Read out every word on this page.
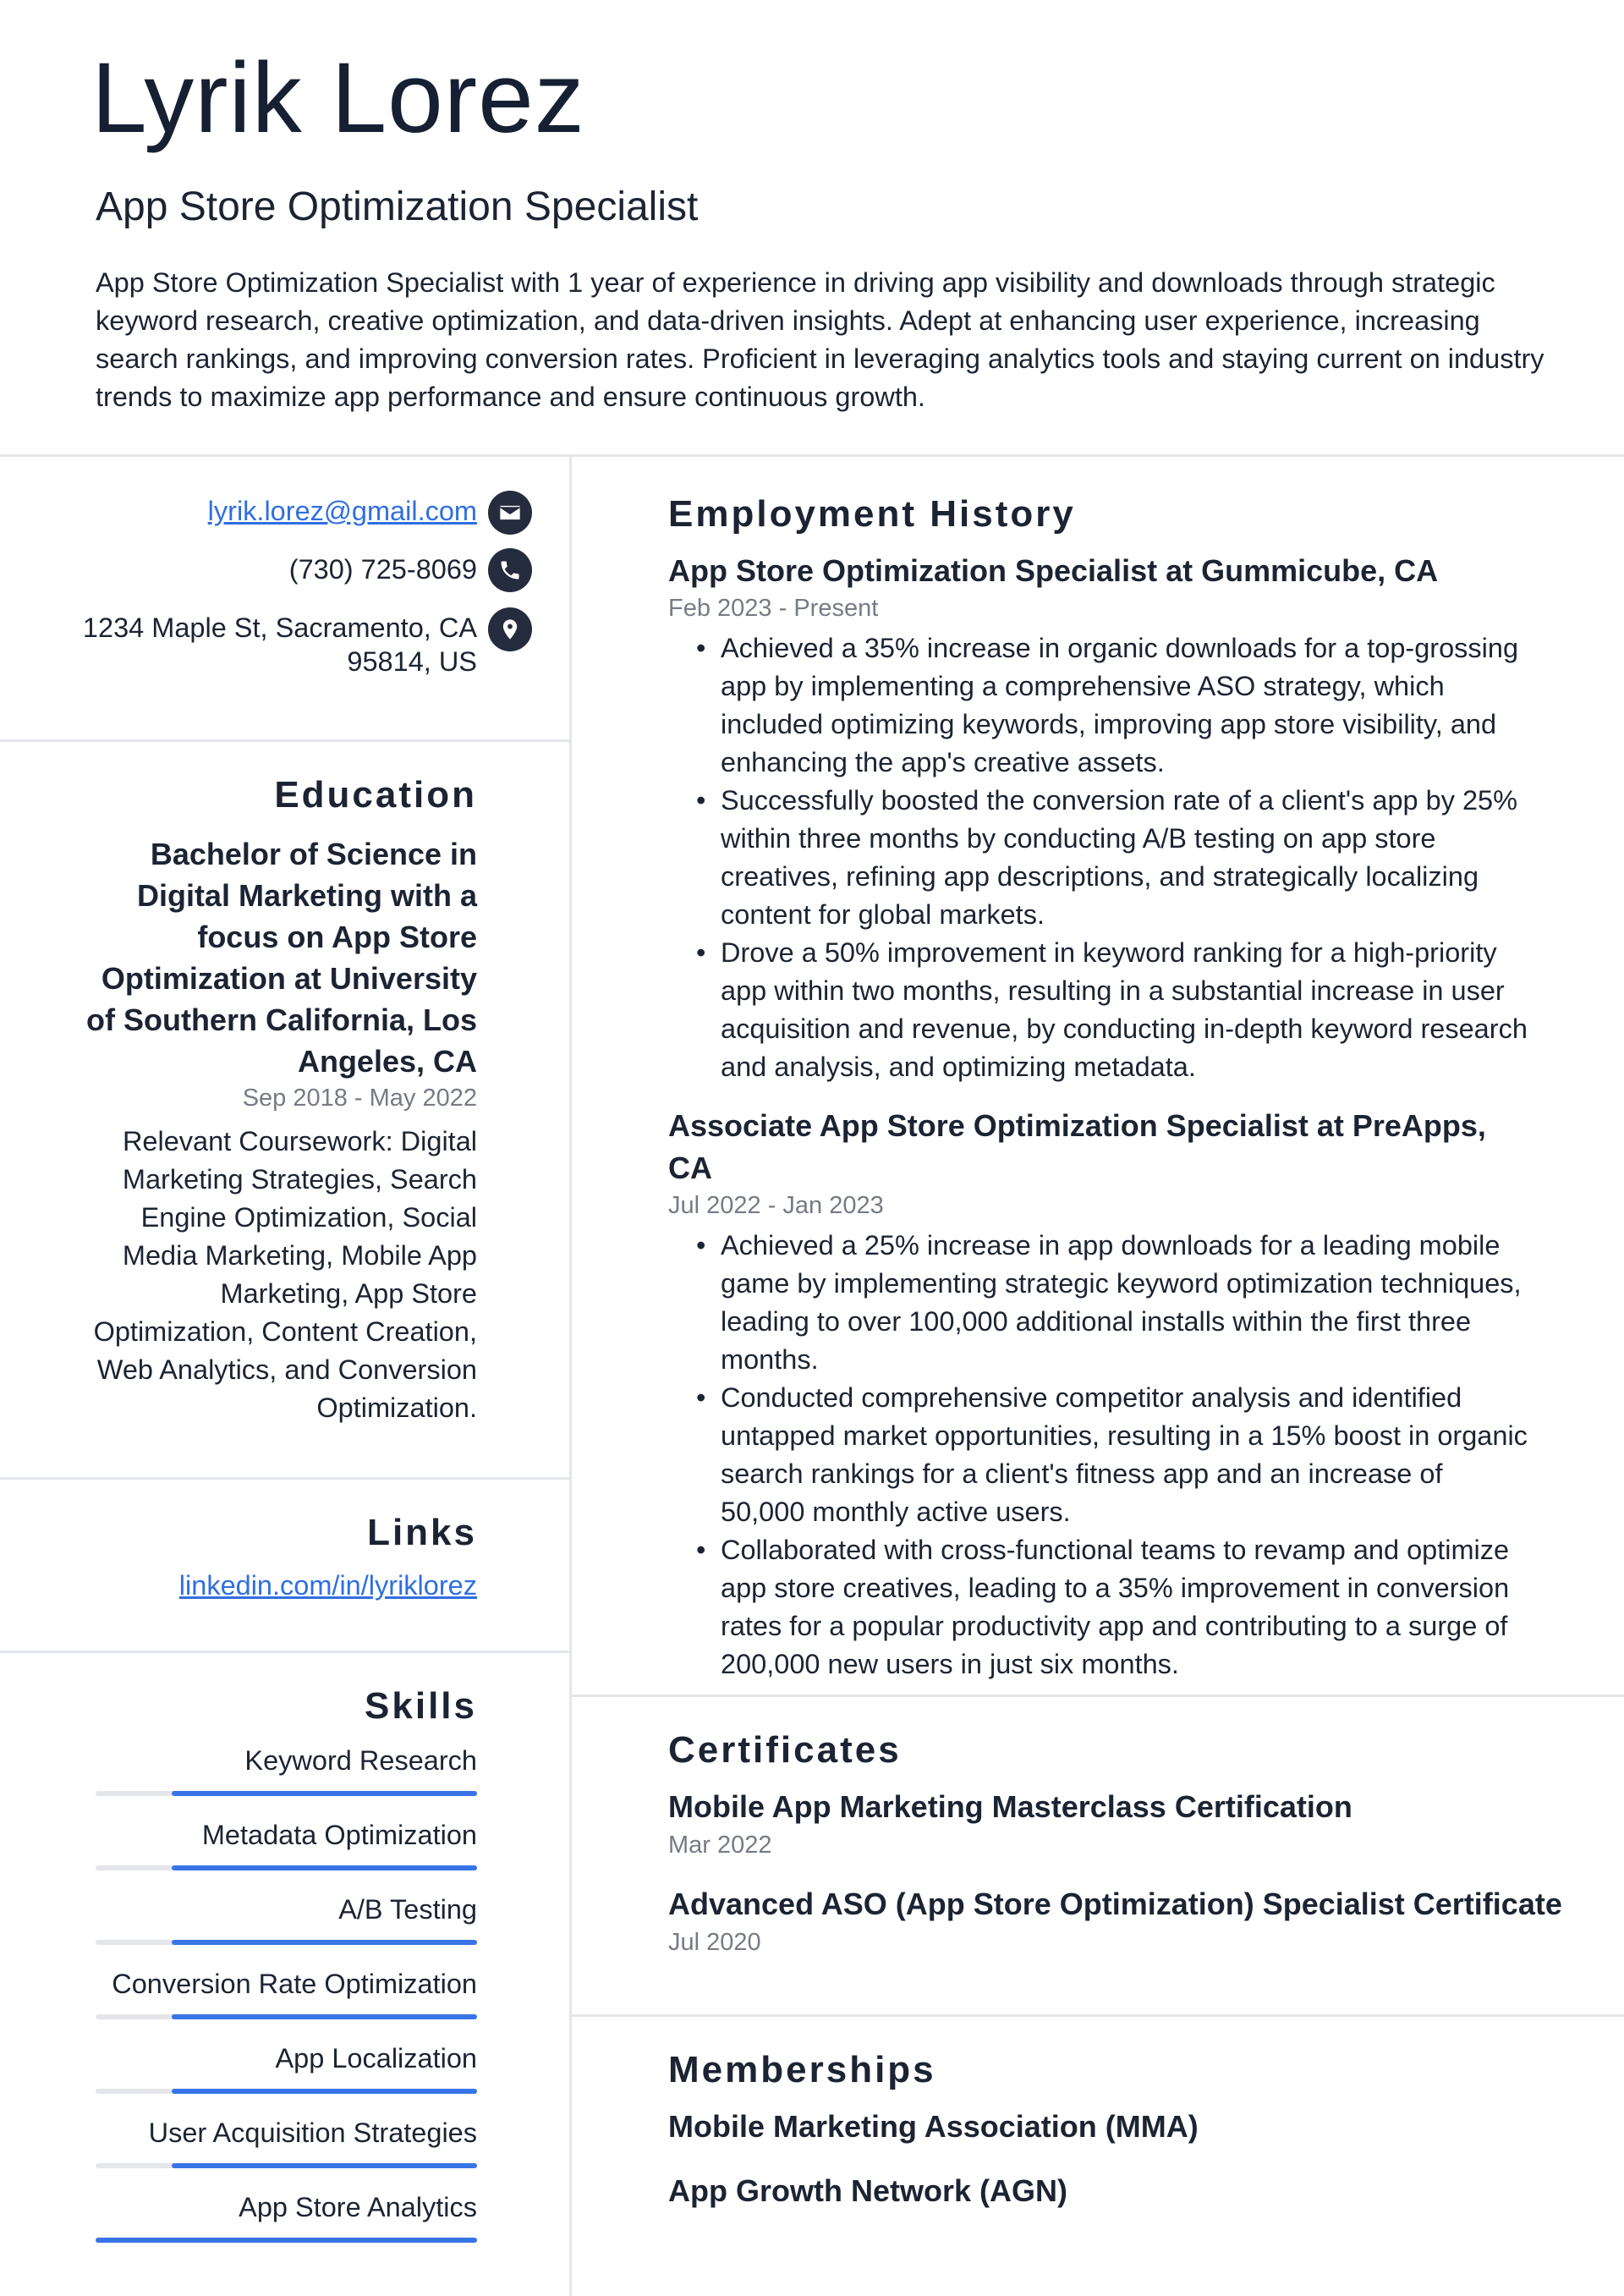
Lyrik Lorez
App Store Optimization Specialist
App Store Optimization Specialist with 1 year of experience in driving app visibility and downloads through strategic keyword research, creative optimization, and data-driven insights. Adept at enhancing user experience, increasing search rankings, and improving conversion rates. Proficient in leveraging analytics tools and staying current on industry trends to maximize app performance and ensure continuous growth.
lyrik.lorez@gmail.com
(730) 725-8069
1234 Maple St, Sacramento, CA
95814, US
Education
Bachelor of Science in Digital Marketing with a focus on App Store Optimization at University of Southern California, Los Angeles, CA
Sep 2018 - May 2022
Relevant Coursework: Digital Marketing Strategies, Search Engine Optimization, Social Media Marketing, Mobile App Marketing, App Store Optimization, Content Creation, Web Analytics, and Conversion Optimization.
Links
linkedin.com/in/lyriklorez
Skills
Keyword Research
Metadata Optimization
A/B Testing
Conversion Rate Optimization
App Localization
User Acquisition Strategies
App Store Analytics
Employment History
App Store Optimization Specialist at Gummicube, CA
Feb 2023 - Present
• Achieved a 35% increase in organic downloads for a top-grossing app by implementing a comprehensive ASO strategy, which included optimizing keywords, improving app store visibility, and enhancing the app's creative assets.
• Successfully boosted the conversion rate of a client's app by 25% within three months by conducting A/B testing on app store creatives, refining app descriptions, and strategically localizing content for global markets.
• Drove a 50% improvement in keyword ranking for a high-priority app within two months, resulting in a substantial increase in user acquisition and revenue, by conducting in-depth keyword research and analysis, and optimizing metadata.
Associate App Store Optimization Specialist at PreApps, CA
Jul 2022 - Jan 2023
• Achieved a 25% increase in app downloads for a leading mobile game by implementing strategic keyword optimization techniques, leading to over 100,000 additional installs within the first three months.
• Conducted comprehensive competitor analysis and identified untapped market opportunities, resulting in a 15% boost in organic search rankings for a client's fitness app and an increase of 50,000 monthly active users.
• Collaborated with cross-functional teams to revamp and optimize app store creatives, leading to a 35% improvement in conversion rates for a popular productivity app and contributing to a surge of 200,000 new users in just six months.
Certificates
Mobile App Marketing Masterclass Certification
Mar 2022
Advanced ASO (App Store Optimization) Specialist Certificate
Jul 2020
Memberships
Mobile Marketing Association (MMA)
App Growth Network (AGN)
